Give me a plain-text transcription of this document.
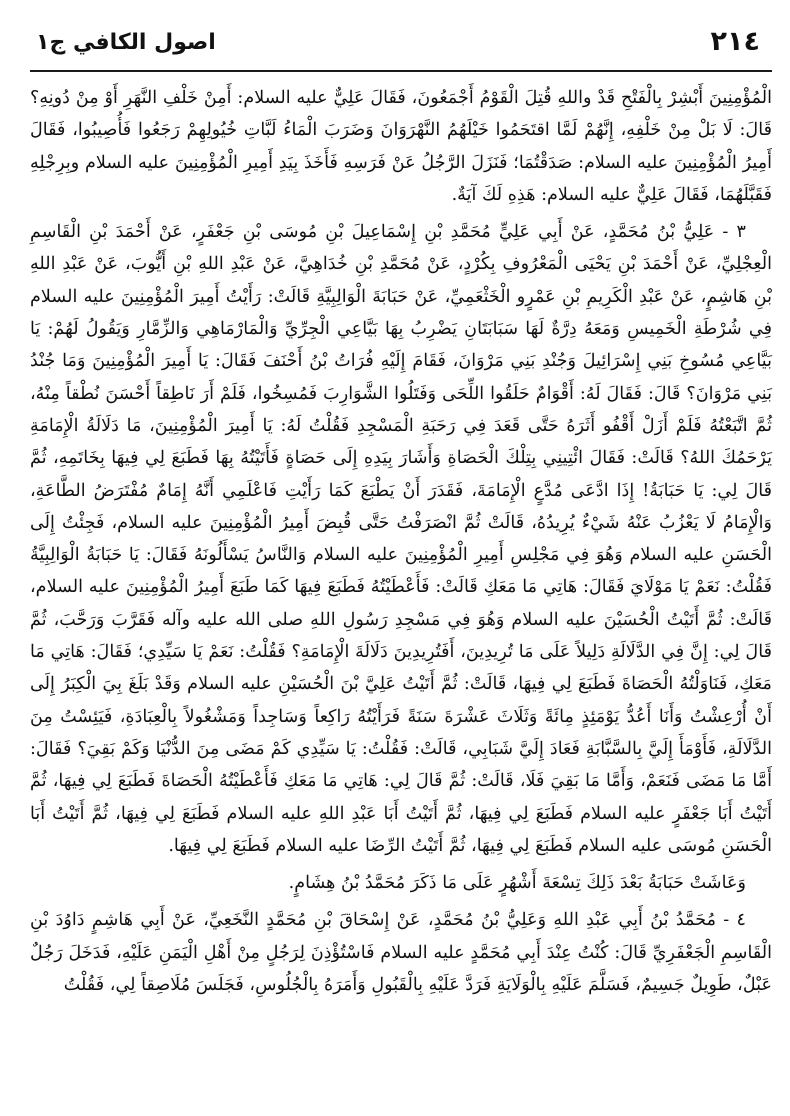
٢١٤
اصول الكافي ج١

الْمُؤْمِنِينَ أَبْشِرْ بِالْفَتْحِ قَدْ واللهِ قُتِلَ الْقَوْمُ أَجْمَعُونَ، فَقَالَ عَلِيٌّ عليه السلام: أَمِنْ خَلْفِ النَّهَرِ أَوْ مِنْ دُونِهِ؟ قَالَ: لَا بَلْ مِنْ خَلْفِهِ، إِنَّهُمْ لَمَّا اقتَحَمُوا خَيْلَهُمُ النَّهْرَوَانَ وَضَرَبَ الْمَاءُ لَبَّاتِ خُيُولِهِمْ رَجَعُوا فَأُصِيبُوا، فَقَالَ أَمِيرُ الْمُؤْمِنِينَ عليه السلام: صَدَقْتُمَا؛ فَنَزَلَ الرَّجُلُ عَنْ فَرَسِهِ فَأَخَذَ بِيَدِ أَمِيرِ الْمُؤْمِنِينَ عليه السلام وبِرِجْلِهِ فَقَبَّلَهُمَا، فَقَالَ عَلِيٌّ عليه السلام: هَذِهِ لَكَ آيَةٌ.

٣ - عَلِيُّ بْنُ مُحَمَّدٍ، عَنْ أَبِي عَلِيٍّ مُحَمَّدِ بْنِ إِسْمَاعِيلَ بْنِ مُوسَى بْنِ جَعْفَرٍ، عَنْ أَحْمَدَ بْنِ الْقَاسِمِ الْعِجْلِيِّ، عَنْ أَحْمَدَ بْنِ يَحْيَى الْمَعْرُوفِ بِكُرْدٍ، عَنْ مُحَمَّدِ بْنِ خُدَاهِيَّ، عَنْ عَبْدِ اللهِ بْنِ أَيُّوبَ، عَنْ عَبْدِ اللهِ بْنِ هَاشِمٍ، عَنْ عَبْدِ الْكَرِيمِ بْنِ عَمْرٍو الْخَثْعَمِيِّ، عَنْ حَبَابَةَ الْوَالِبِيَّةِ قَالَتْ: رَأَيْتُ أَمِيرَ الْمُؤْمِنِينَ عليه السلام فِي شُرْطَةِ الْخَمِيسِ وَمَعَهُ دِرَّةٌ لَهَا سَبَابَتَانِ يَضْرِبُ بِهَا بَيَّاعِي الْجِرِّيِّ وَالْمَارْمَاهِي وَالزِّمَّارِ وَيَقُولُ لَهُمْ: يَا بَيَّاعِي مُسُوخِ بَنِي إِسْرَائِيلَ وَجُنْدِ بَنِي مَرْوَانَ، فَقَامَ إِلَيْهِ فُرَاتُ بْنُ أَحْنَفَ فَقَالَ: يَا أَمِيرَ الْمُؤْمِنِينَ وَمَا جُنْدُ بَنِي مَرْوَانَ؟ قَالَ: فَقَالَ لَهُ: أَقْوَامٌ حَلَقُوا اللِّحَى وَفَتَلُوا الشَّوَارِبَ فَمُسِخُوا، فَلَمْ أَرَ نَاطِقاً أَحْسَنَ نُطْقاً مِنْهُ، ثُمَّ اتَّبَعْتُهُ فَلَمْ أَزَلْ أَقْفُو أَثَرَهُ حَتَّى قَعَدَ فِي رَحَبَةِ الْمَسْجِدِ فَقُلْتُ لَهُ: يَا أَمِيرَ الْمُؤْمِنِينَ، مَا دَلَالَةُ الْإِمَامَةِ يَرْحَمُكَ اللهُ؟ قَالَتْ: فَقَالَ ائْتِينِي بِتِلْكَ الْحَصَاةِ وَأَشَارَ بِيَدِهِ إِلَى حَصَاةٍ فَأَتَيْتُهُ بِهَا فَطَبَعَ لِي فِيهَا بِخَاتَمِهِ، ثُمَّ قَالَ لِي: يَا حَبَابَةُ! إِذَا ادَّعَى مُدَّعٍ الْإِمَامَةَ، فَقَدَرَ أَنْ يَطْبَعَ كَمَا رَأَيْتِ فَاعْلَمِي أَنَّهُ إِمَامٌ مُفْتَرَضُ الطَّاعَةِ، وَالْإِمَامُ لَا يَعْزُبُ عَنْهُ شَيْءٌ يُرِيدُهُ، قَالَتْ ثُمَّ انْصَرَفْتُ حَتَّى قُبِضَ أَمِيرُ الْمُؤْمِنِينَ عليه السلام، فَجِئْتُ إِلَى الْحَسَنِ عليه السلام وَهُوَ فِي مَجْلِسِ أَمِيرِ الْمُؤْمِنِينَ عليه السلام وَالنَّاسُ يَسْأَلُونَهُ فَقَالَ: يَا حَبَابَةُ الْوَالِبِيَّةُ فَقُلْتُ: نَعَمْ يَا مَوْلَايَ فَقَالَ: هَاتِي مَا مَعَكِ قَالَتْ: فَأَعْطَيْتُهُ فَطَبَعَ فِيهَا كَمَا طَبَعَ أَمِيرُ الْمُؤْمِنِينَ عليه السلام، قَالَتْ: ثُمَّ أَتَيْتُ الْحُسَيْنَ عليه السلام وَهُوَ فِي مَسْجِدِ رَسُولِ اللهِ صلى الله عليه وآله فَقَرَّبَ وَرَحَّبَ، ثُمَّ قَالَ لِي: إِنَّ فِي الدَّلَالَةِ دَلِيلاً عَلَى مَا تُرِيدِينَ، أَفَتُرِيدِينَ دَلَالَةَ الْإِمَامَةِ؟ فَقُلْتُ: نَعَمْ يَا سَيِّدِي؛ فَقَالَ: هَاتِي مَا مَعَكِ، فَنَاوَلْتُهُ الْحَصَاةَ فَطَبَعَ لِي فِيهَا، قَالَتْ: ثُمَّ أَتَيْتُ عَلِيَّ بْنَ الْحُسَيْنِ عليه السلام وَقَدْ بَلَغَ بِيَ الْكِبَرُ إِلَى أَنْ أُرْعِشْتُ وَأَنَا أَعُدُّ يَوْمَئِذٍ مِائَةً وَثَلَاثَ عَشْرَةَ سَنَةً فَرَأَيْتُهُ رَاكِعاً وَسَاجِداً وَمَشْغُولاً بِالْعِبَادَةِ، فَيَئِسْتُ مِنَ الدَّلَالَةِ، فَأَوْمَأَ إِلَيَّ بِالسَّبَّابَةِ فَعَادَ إِلَيَّ شَبَابِي، قَالَتْ: فَقُلْتُ: يَا سَيِّدِي كَمْ مَضَى مِنَ الدُّنْيَا وَكَمْ بَقِيَ؟ فَقَالَ: أَمَّا مَا مَضَى فَنَعَمْ، وَأَمَّا مَا بَقِيَ فَلَا، قَالَتْ: ثُمَّ قَالَ لِي: هَاتِي مَا مَعَكِ فَأَعْطَيْتُهُ الْحَصَاةَ فَطَبَعَ لِي فِيهَا، ثُمَّ أَتَيْتُ أَبَا جَعْفَرٍ عليه السلام فَطَبَعَ لِي فِيهَا، ثُمَّ أَتَيْتُ أَبَا عَبْدِ اللهِ عليه السلام فَطَبَعَ لِي فِيهَا، ثُمَّ أَتَيْتُ أَبَا الْحَسَنِ مُوسَى عليه السلام فَطَبَعَ لِي فِيهَا، ثُمَّ أَتَيْتُ الرِّضَا عليه السلام فَطَبَعَ لِي فِيهَا.

وَعَاشَتْ حَبَابَةُ بَعْدَ ذَلِكَ تِسْعَةَ أَشْهُرٍ عَلَى مَا ذَكَرَ مُحَمَّدُ بْنُ هِشَامٍ.

٤ - مُحَمَّدُ بْنُ أَبِي عَبْدِ اللهِ وَعَلِيُّ بْنُ مُحَمَّدٍ، عَنْ إِسْحَاقَ بْنِ مُحَمَّدٍ النَّخَعِيِّ، عَنْ أَبِي هَاشِمٍ دَاوُدَ بْنِ الْقَاسِمِ الْجَعْفَرِيِّ قَالَ: كُنْتُ عِنْدَ أَبِي مُحَمَّدٍ عليه السلام فَاسْتُؤْذِنَ لِرَجُلٍ مِنْ أَهْلِ الْيَمَنِ عَلَيْهِ، فَدَخَلَ رَجُلٌ عَبْلٌ، طَوِيلٌ جَسِيمٌ، فَسَلَّمَ عَلَيْهِ بِالْوَلَايَةِ فَرَدَّ عَلَيْهِ بِالْقَبُولِ وَأَمَرَهُ بِالْجُلُوسِ، فَجَلَسَ مُلَاصِقاً لِي، فَقُلْتُ
